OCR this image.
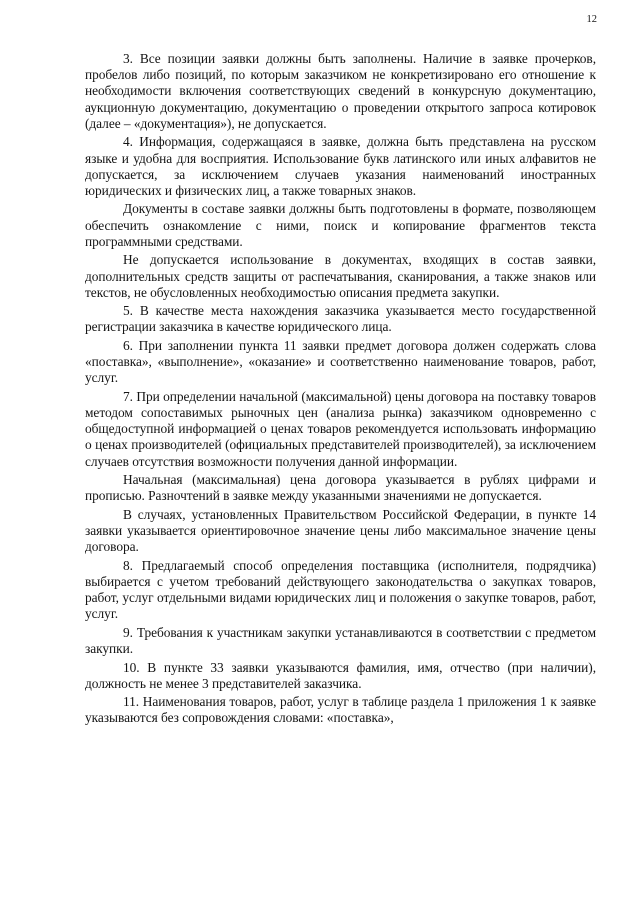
12

3. Все позиции заявки должны быть заполнены. Наличие в заявке прочерков, пробелов либо позиций, по которым заказчиком не конкретизировано его отношение к необходимости включения соответствующих сведений в конкурсную документацию, аукционную документацию, документацию о проведении открытого запроса котировок (далее – «документация»), не допускается.

4. Информация, содержащаяся в заявке, должна быть представлена на русском языке и удобна для восприятия. Использование букв латинского или иных алфавитов не допускается, за исключением случаев указания наименований иностранных юридических и физических лиц, а также товарных знаков.

Документы в составе заявки должны быть подготовлены в формате, позволяющем обеспечить ознакомление с ними, поиск и копирование фрагментов текста программными средствами.

Не допускается использование в документах, входящих в состав заявки, дополнительных средств защиты от распечатывания, сканирования, а также знаков или текстов, не обусловленных необходимостью описания предмета закупки.

5. В качестве места нахождения заказчика указывается место государственной регистрации заказчика в качестве юридического лица.

6. При заполнении пункта 11 заявки предмет договора должен содержать слова «поставка», «выполнение», «оказание» и соответственно наименование товаров, работ, услуг.

7. При определении начальной (максимальной) цены договора на поставку товаров методом сопоставимых рыночных цен (анализа рынка) заказчиком одновременно с общедоступной информацией о ценах товаров рекомендуется использовать информацию о ценах производителей (официальных представителей производителей), за исключением случаев отсутствия возможности получения данной информации.

Начальная (максимальная) цена договора указывается в рублях цифрами и прописью. Разночтений в заявке между указанными значениями не допускается.

В случаях, установленных Правительством Российской Федерации, в пункте 14 заявки указывается ориентировочное значение цены либо максимальное значение цены договора.

8. Предлагаемый способ определения поставщика (исполнителя, подрядчика) выбирается с учетом требований действующего законодательства о закупках товаров, работ, услуг отдельными видами юридических лиц и положения о закупке товаров, работ, услуг.

9. Требования к участникам закупки устанавливаются в соответствии с предметом закупки.

10. В пункте 33 заявки указываются фамилия, имя, отчество (при наличии), должность не менее 3 представителей заказчика.

11. Наименования товаров, работ, услуг в таблице раздела 1 приложения 1 к заявке указываются без сопровождения словами: «поставка»,
